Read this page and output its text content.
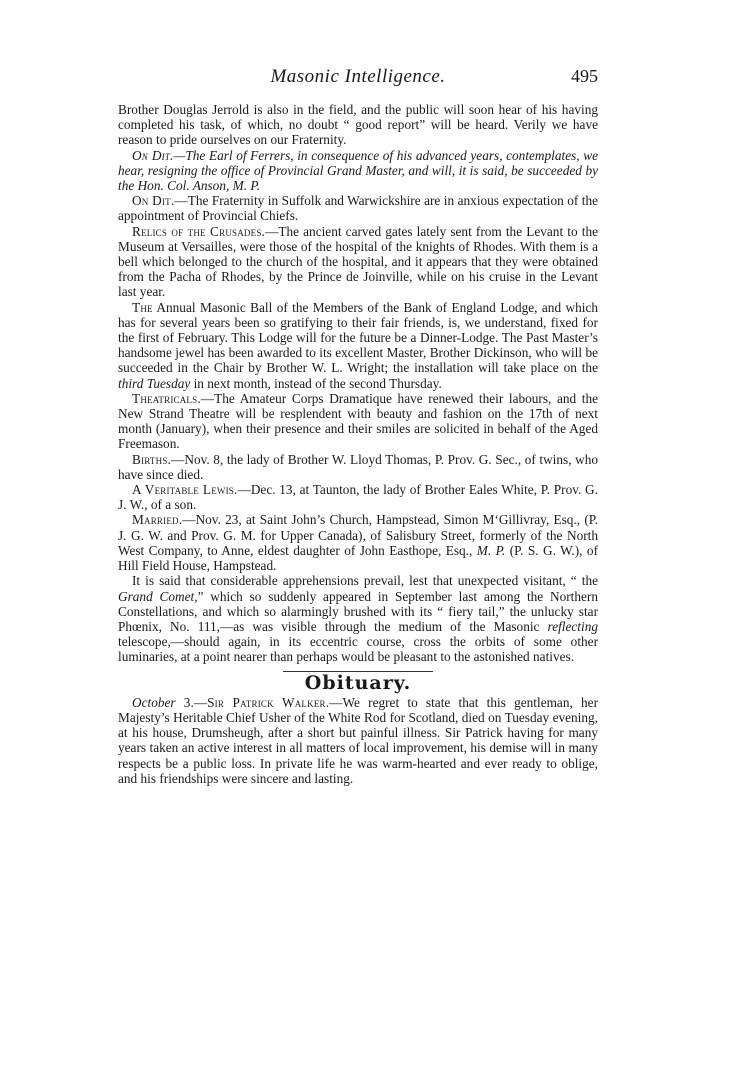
Masonic Intelligence.	495

Brother Douglas Jerrold is also in the field, and the public will soon hear of his having completed his task, of which, no doubt “ good report” will be heard. Verily we have reason to pride ourselves on our Fraternity.

On Dit.—The Earl of Ferrers, in consequence of his advanced years, contemplates, we hear, resigning the office of Provincial Grand Master, and will, it is said, be succeeded by the Hon. Col. Anson, M. P.

On Dit.—The Fraternity in Suffolk and Warwickshire are in anxious expectation of the appointment of Provincial Chiefs.

Relics of the Crusades.—The ancient carved gates lately sent from the Levant to the Museum at Versailles, were those of the hospital of the knights of Rhodes. With them is a bell which belonged to the church of the hospital, and it appears that they were obtained from the Pacha of Rhodes, by the Prince de Joinville, while on his cruise in the Levant last year.

The Annual Masonic Ball of the Members of the Bank of England Lodge, and which has for several years been so gratifying to their fair friends, is, we understand, fixed for the first of February. This Lodge will for the future be a Dinner-Lodge. The Past Master’s handsome jewel has been awarded to its excellent Master, Brother Dickinson, who will be succeeded in the Chair by Brother W. L. Wright; the installation will take place on the third Tuesday in next month, instead of the second Thursday.

Theatricals.—The Amateur Corps Dramatique have renewed their labours, and the New Strand Theatre will be resplendent with beauty and fashion on the 17th of next month (January), when their presence and their smiles are solicited in behalf of the Aged Freemason.

Births.—Nov. 8, the lady of Brother W. Lloyd Thomas, P. Prov. G. Sec., of twins, who have since died.

A Veritable Lewis.—Dec. 13, at Taunton, the lady of Brother Eales White, P. Prov. G. J. W., of a son.

Married.—Nov. 23, at Saint John’s Church, Hampstead, Simon M‘Gillivray, Esq., (P. J. G. W. and Prov. G. M. for Upper Canada), of Salisbury Street, formerly of the North West Company, to Anne, eldest daughter of John Easthope, Esq., M. P. (P. S. G. W.), of Hill Field House, Hampstead.

It is said that considerable apprehensions prevail, lest that unexpected visitant, “ the Grand Comet,” which so suddenly appeared in September last among the Northern Constellations, and which so alarmingly brushed with its “ fiery tail,” the unlucky star Phœnix, No. 111,—as was visible through the medium of the Masonic reflecting telescope,—should again, in its eccentric course, cross the orbits of some other luminaries, at a point nearer than perhaps would be pleasant to the astonished natives.

Obituary.

October 3.—Sir Patrick Walker.—We regret to state that this gentleman, her Majesty’s Heritable Chief Usher of the White Rod for Scotland, died on Tuesday evening, at his house, Drumsheugh, after a short but painful illness. Sir Patrick having for many years taken an active interest in all matters of local improvement, his demise will in many respects be a public loss. In private life he was warm-hearted and ever ready to oblige, and his friendships were sincere and lasting.
